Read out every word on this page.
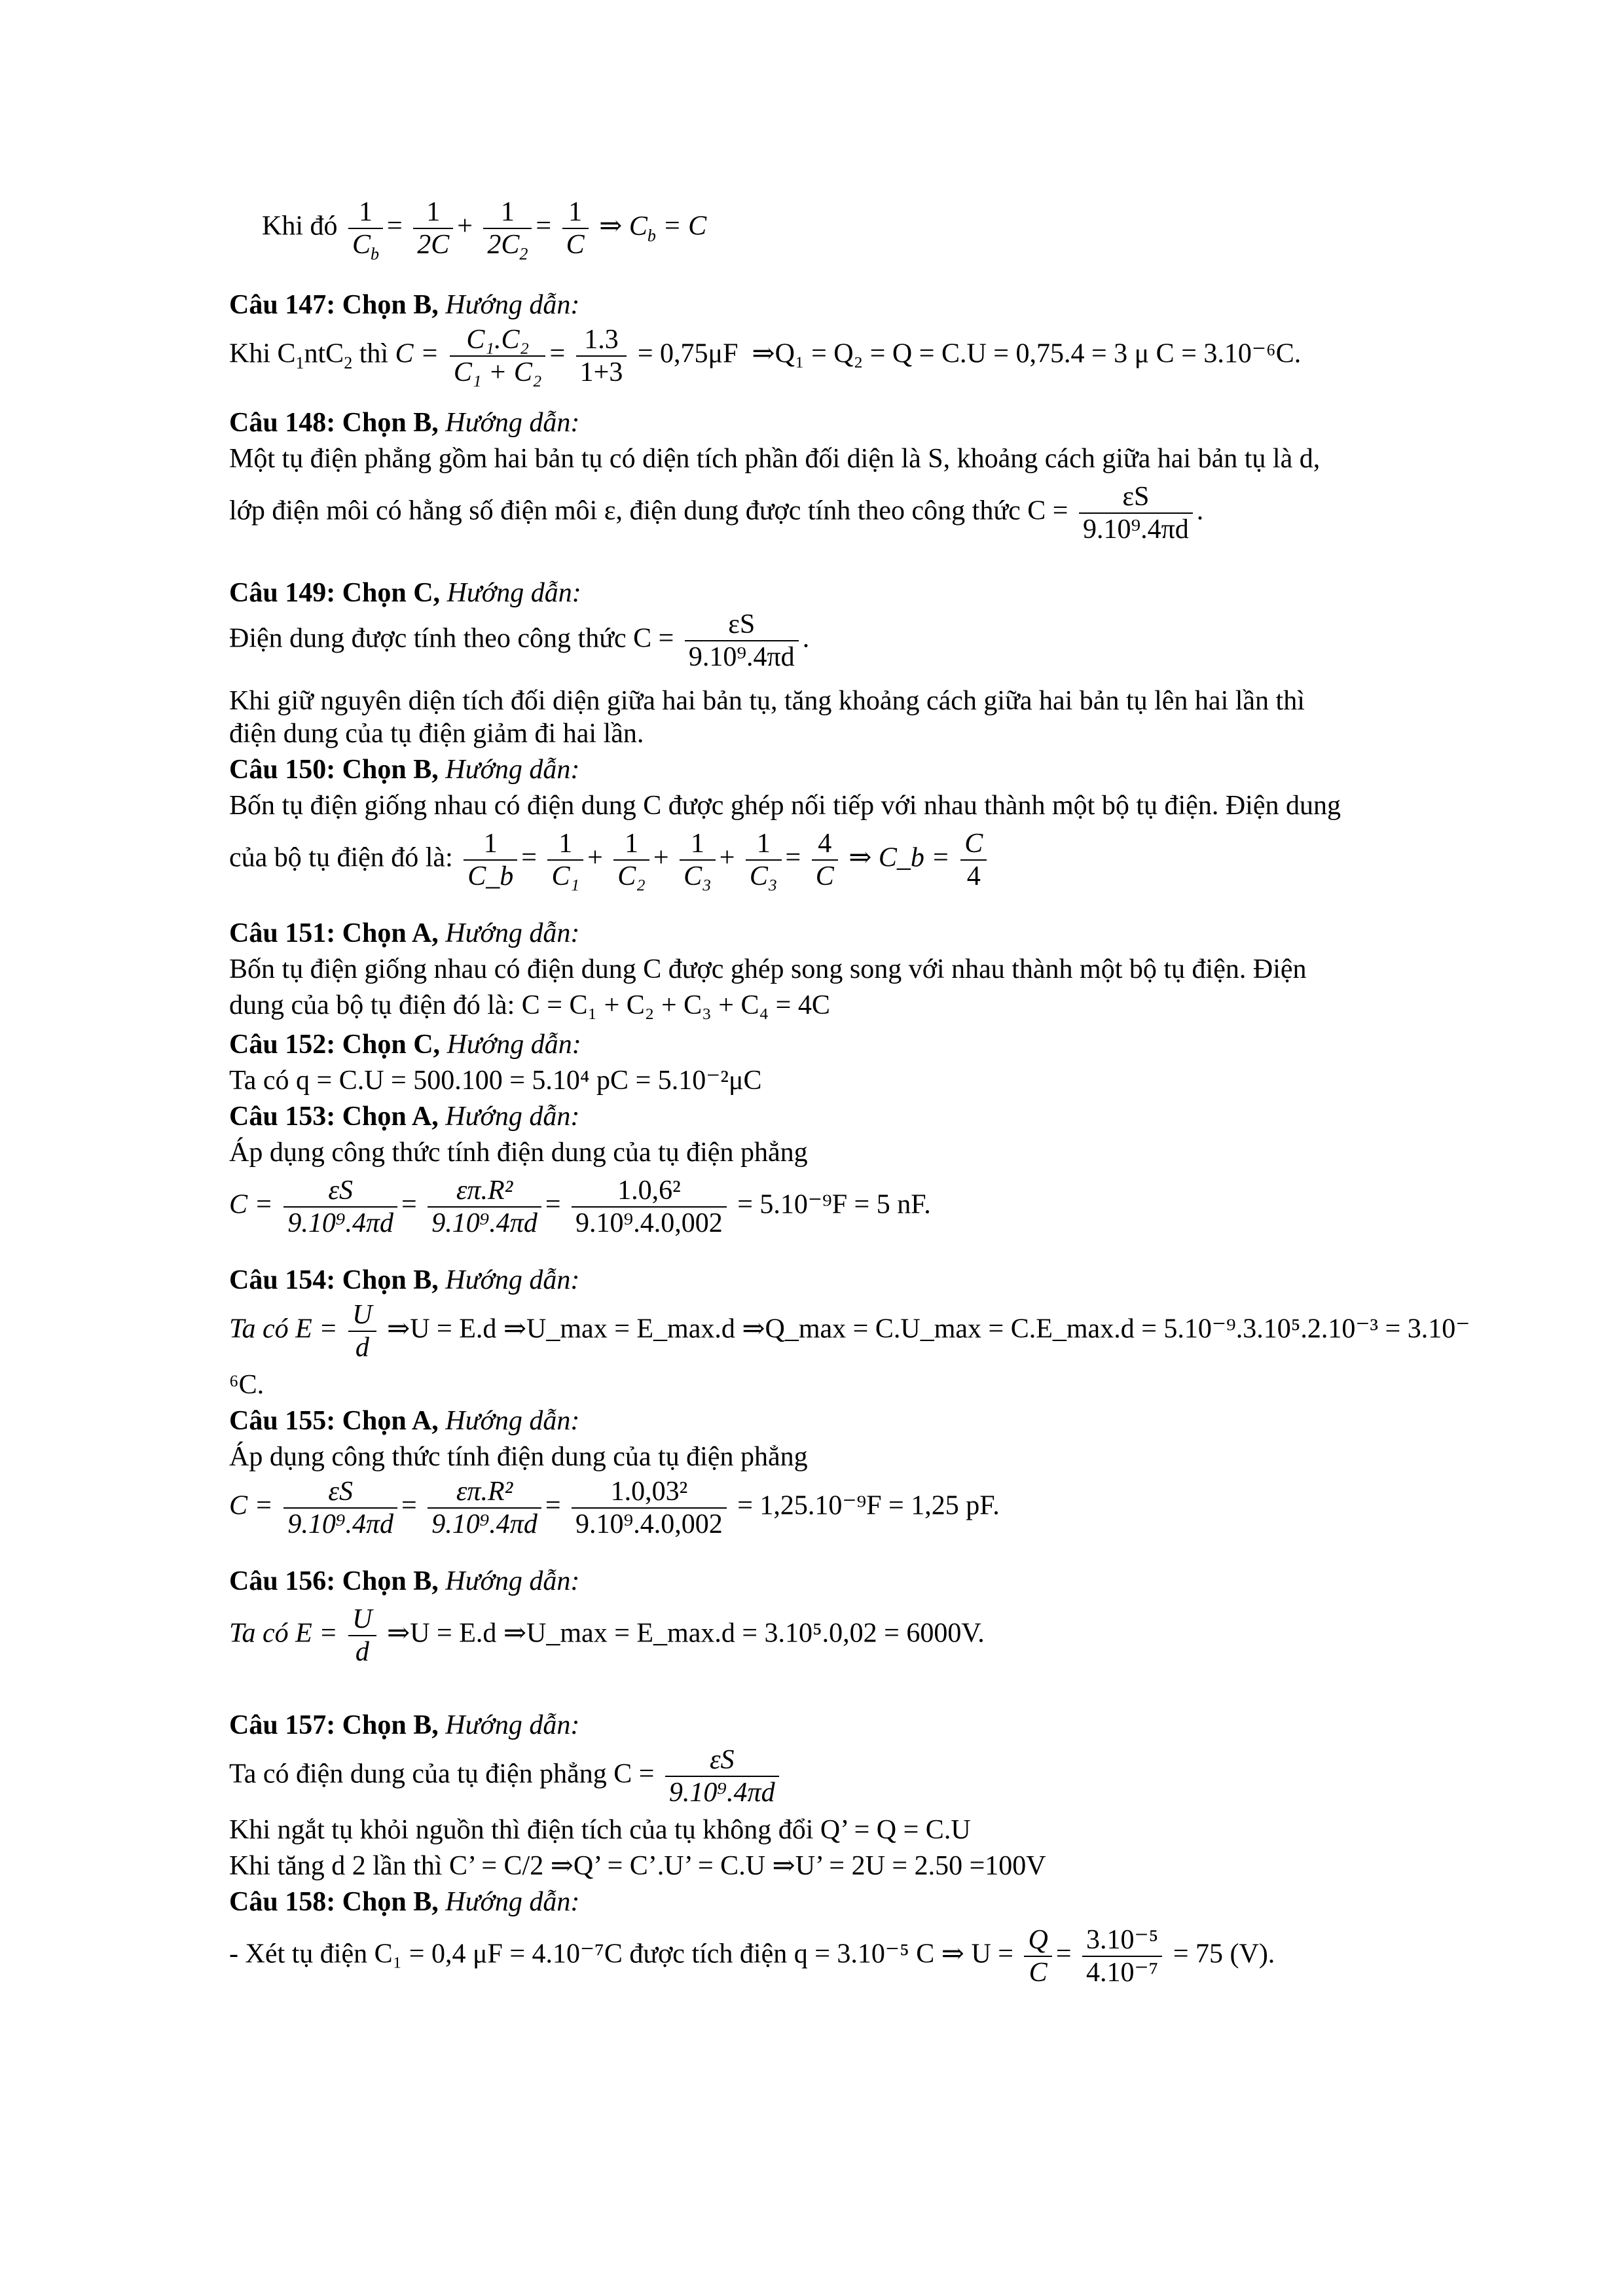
Khi đó $\frac{1}{C_b} = \frac{1}{2C} + \frac{1}{2C_2} = \frac{1}{C}$ ⇒ $C_b = C$
Câu 147: Chọn B, Hướng dẫn:
Khi $C_1ntC_2$ thì $C = \frac{\text{C₁.C₂}}{\text{C₁ + C₂}} = \frac{1.3}{1+3} = 0,75\mu F$ ⇒Q₁ = Q₂ = Q = C.U = 0,75.4 = 3 μ C = 3.10⁻⁶C.
Câu 148: Chọn B, Hướng dẫn:
Một tụ điện phẳng gồm hai bản tụ có diện tích phần đối diện là S, khoảng cách giữa hai bản tụ là d,
lớp điện môi có hằng số điện môi ε, điện dung được tính theo công thức $C = \frac{\varepsilon S}{\text{9.10⁹.4πd}}$ .
Câu 149: Chọn C, Hướng dẫn:
Điện dung được tính theo công thức $C = \frac{\varepsilon S}{\text{9.10⁹.4πd}}$ .
Khi giữ nguyên diện tích đối diện giữa hai bản tụ, tăng khoảng cách giữa hai bản tụ lên hai lần thì
điện dung của tụ điện giảm đi hai lần.
Câu 150: Chọn B, Hướng dẫn:
Bốn tụ điện giống nhau có điện dung C được ghép nối tiếp với nhau thành một bộ tụ điện. Điện dung
của bộ tụ điện đó là: $\frac{1}{C\_b} = \frac{1}{\text{C₁}} + \frac{1}{\text{C₂}} + \frac{1}{\text{C₃}} + \frac{1}{\text{C₃}} = \frac{4}{C}$ ⇒ C_b = $\frac{C}{4}$
Câu 151: Chọn A, Hướng dẫn:
Bốn tụ điện giống nhau có điện dung C được ghép song song với nhau thành một bộ tụ điện. Điện
dung của bộ tụ điện đó là: C = C₁ + C₂ + C₃ + C₄ = 4C
Câu 152: Chọn C, Hướng dẫn:
Ta có q = C.U = 500.100 = 5.10⁴ pC = 5.10⁻²μC
Câu 153: Chọn A, Hướng dẫn:
Áp dụng công thức tính điện dung của tụ điện phẳng
$C = \frac{\varepsilon S}{\text{9.10⁹.4πd}} = \frac{\text{επ.R²}}{\text{9.10⁹.4πd}} = \frac{\text{1.0,6²}}{\text{9.10⁹.4.0,002}} = 5.10^{-9}F = 5$ nF.
Câu 154: Chọn B, Hướng dẫn:
Ta có $E = \frac{U}{d}$ ⇒U = E.d ⇒U_max = E_max.d ⇒Q_max = C.U_max = C.E_max.d = 5.10⁻⁹.3.10⁵.2.10⁻³ = 3.10⁻
⁶C.
Câu 155: Chọn A, Hướng dẫn:
Áp dụng công thức tính điện dung của tụ điện phẳng
$C = \frac{\varepsilon S}{\text{9.10⁹.4πd}} = \frac{\text{επ.R²}}{\text{9.10⁹.4πd}} = \frac{\text{1.0,03²}}{\text{9.10⁹.4.0,002}} = 1,25.10^{-9}F = 1,25$ pF.
Câu 156: Chọn B, Hướng dẫn:
Ta có $E = \frac{U}{d}$ ⇒U = E.d ⇒U_max = E_max.d = 3.10⁵.0,02 = 6000V.
Câu 157: Chọn B, Hướng dẫn:
Ta có điện dung của tụ điện phẳng $C = \frac{\varepsilon S}{\text{9.10⁹.4πd}}$
Khi ngắt tụ khỏi nguồn thì điện tích của tụ không đổi Q’ = Q = C.U
Khi tăng d 2 lần thì C’ = C/2 ⇒Q’ = C’.U’ = C.U ⇒U’ = 2U = 2.50 =100V
Câu 158: Chọn B, Hướng dẫn:
- Xét tụ điện C₁ = 0,4 μF = 4.10⁻⁷C được tích điện q = 3.10⁻⁵ C ⇒ $U = \frac{Q}{C} = \frac{\text{3.10⁻⁵}}{\text{4.10⁻⁷}} = 75$ (V).
